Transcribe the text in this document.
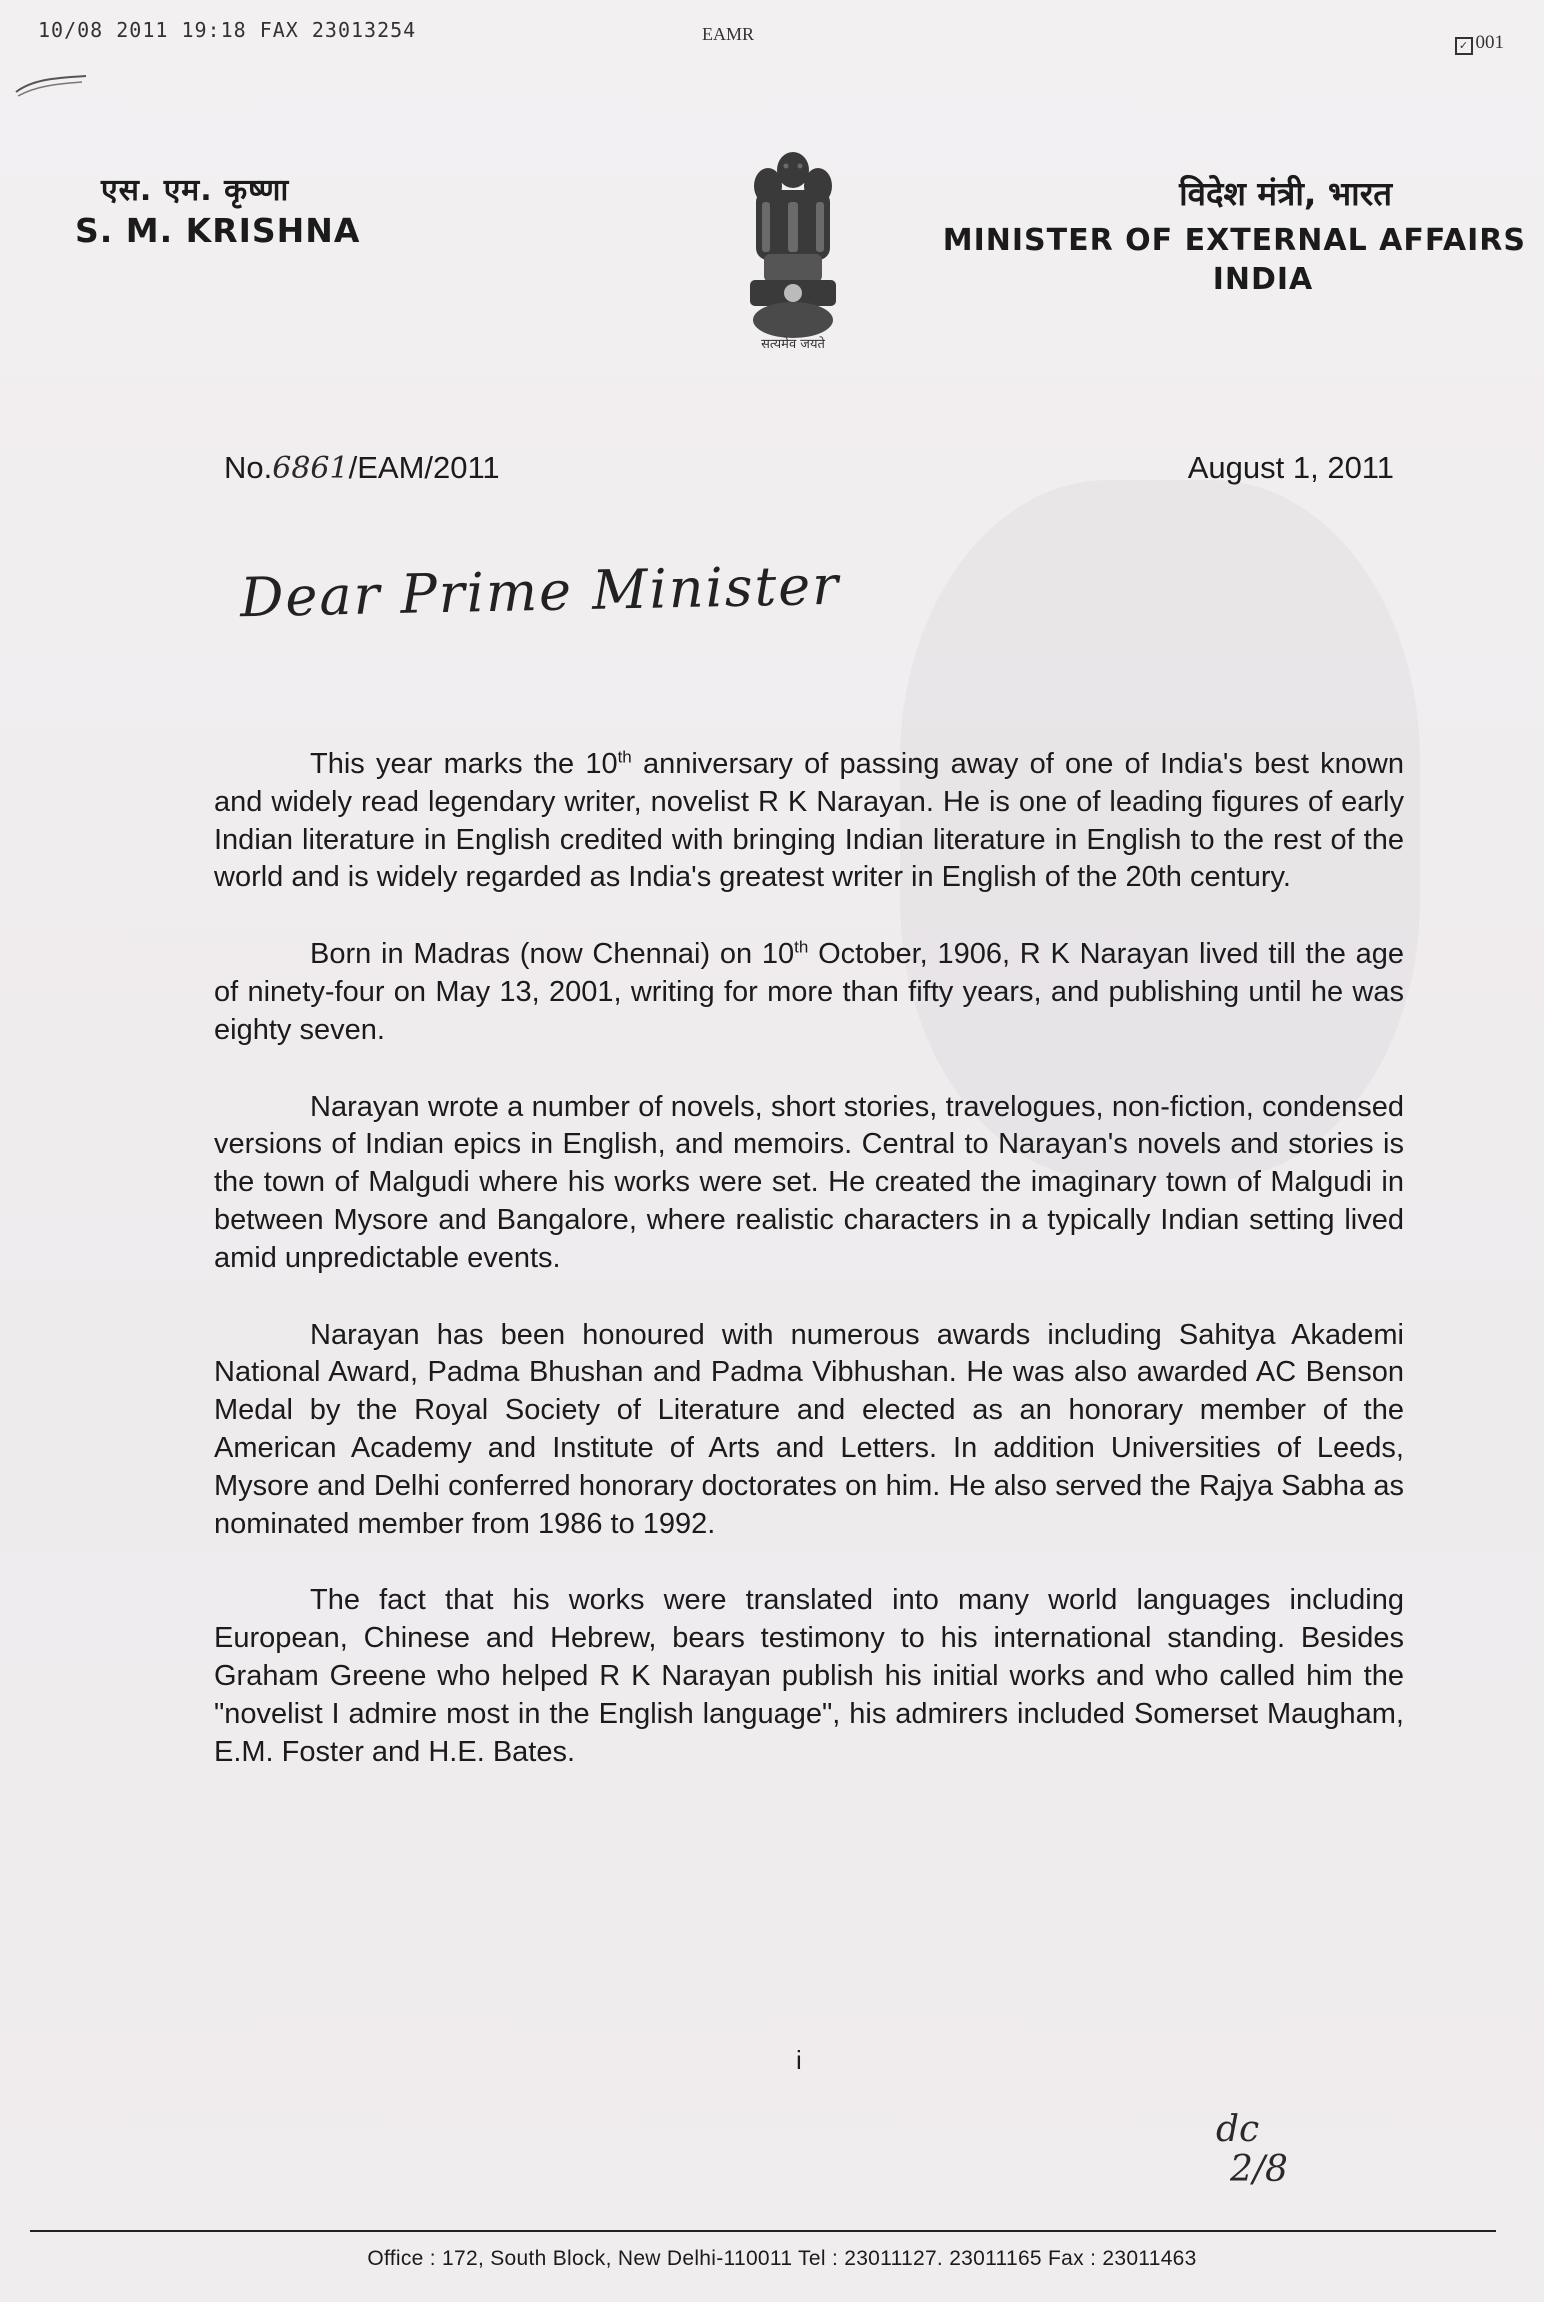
10/08 2011 19:18 FAX 23013254	EAMR
✓ 001
एस. एम. कृष्णा
S. M. KRISHNA
सत्यमेव जयते
विदेश मंत्री, भारत
MINISTER OF EXTERNAL AFFAIRS
INDIA
No.6861/EAM/2011	August 1, 2011
Dear Prime Minister

This year marks the 10th anniversary of passing away of one of India's best known and widely read legendary writer, novelist R K Narayan. He is one of leading figures of early Indian literature in English credited with bringing Indian literature in English to the rest of the world and is widely regarded as India's greatest writer in English of the 20th century.

Born in Madras (now Chennai) on 10th October, 1906, R K Narayan lived till the age of ninety-four on May 13, 2001, writing for more than fifty years, and publishing until he was eighty seven.

Narayan wrote a number of novels, short stories, travelogues, non-fiction, condensed versions of Indian epics in English, and memoirs. Central to Narayan's novels and stories is the town of Malgudi where his works were set. He created the imaginary town of Malgudi in between Mysore and Bangalore, where realistic characters in a typically Indian setting lived amid unpredictable events.

Narayan has been honoured with numerous awards including Sahitya Akademi National Award, Padma Bhushan and Padma Vibhushan. He was also awarded AC Benson Medal by the Royal Society of Literature and elected as an honorary member of the American Academy and Institute of Arts and Letters. In addition Universities of Leeds, Mysore and Delhi conferred honorary doctorates on him. He also served the Rajya Sabha as nominated member from 1986 to 1992.

The fact that his works were translated into many world languages including European, Chinese and Hebrew, bears testimony to his international standing. Besides Graham Greene who helped R K Narayan publish his initial works and who called him the "novelist I admire most in the English language", his admirers included Somerset Maugham, E.M. Foster and H.E. Bates.

i
dc
2/8
Office : 172, South Block, New Delhi-110011 Tel : 23011127. 23011165 Fax : 23011463
